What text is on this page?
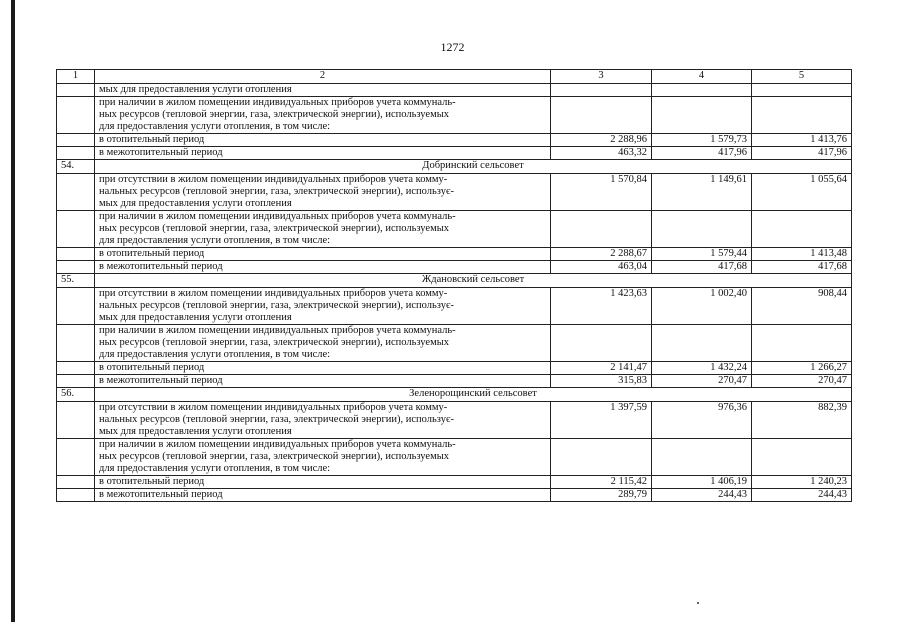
1272
1	2	3	4	5

	мых для предоставления услуги отопления			

	при наличии в жилом помещении индивидуальных приборов учета коммуналь-
ных ресурсов (тепловой энергии, газа, электрической энергии), используемых
для предоставления услуги отопления, в том числе:			

	в отопительный период	2 288,96	1 579,73	1 413,76

	в межотопительный период	463,32	417,96	417,96
54.	Добринский сельсовет			

	при отсутствии в жилом помещении индивидуальных приборов учета комму-
нальных ресурсов (тепловой энергии, газа, электрической энергии), использує-
мых для предоставления услуги отопления	1 570,84	1 149,61	1 055,64

	при наличии в жилом помещении индивидуальных приборов учета коммуналь-
ных ресурсов (тепловой энергии, газа, электрической энергии), используемых
для предоставления услуги отопления, в том числе:			

	в отопительный период	2 288,67	1 579,44	1 413,48

	в межотопительный период	463,04	417,68	417,68
55.	Ждановский сельсовет			

	при отсутствии в жилом помещении индивидуальных приборов учета комму-
нальных ресурсов (тепловой энергии, газа, электрической энергии), использує-
мых для предоставления услуги отопления	1 423,63	1 002,40	908,44

	при наличии в жилом помещении индивидуальных приборов учета коммуналь-
ных ресурсов (тепловой энергии, газа, электрической энергии), используемых
для предоставления услуги отопления, в том числе:			

	в отопительный период	2 141,47	1 432,24	1 266,27

	в межотопительный период	315,83	270,47	270,47
56.	Зеленорощинский сельсовет			

	при отсутствии в жилом помещении индивидуальных приборов учета комму-
нальных ресурсов (тепловой энергии, газа, электрической энергии), использує-
мых для предоставления услуги отопления	1 397,59	976,36	882,39

	при наличии в жилом помещении индивидуальных приборов учета коммуналь-
ных ресурсов (тепловой энергии, газа, электрической энергии), используемых
для предоставления услуги отопления, в том числе:			

	в отопительный период	2 115,42	1 406,19	1 240,23

	в межотопительный период	289,79	244,43	244,43
